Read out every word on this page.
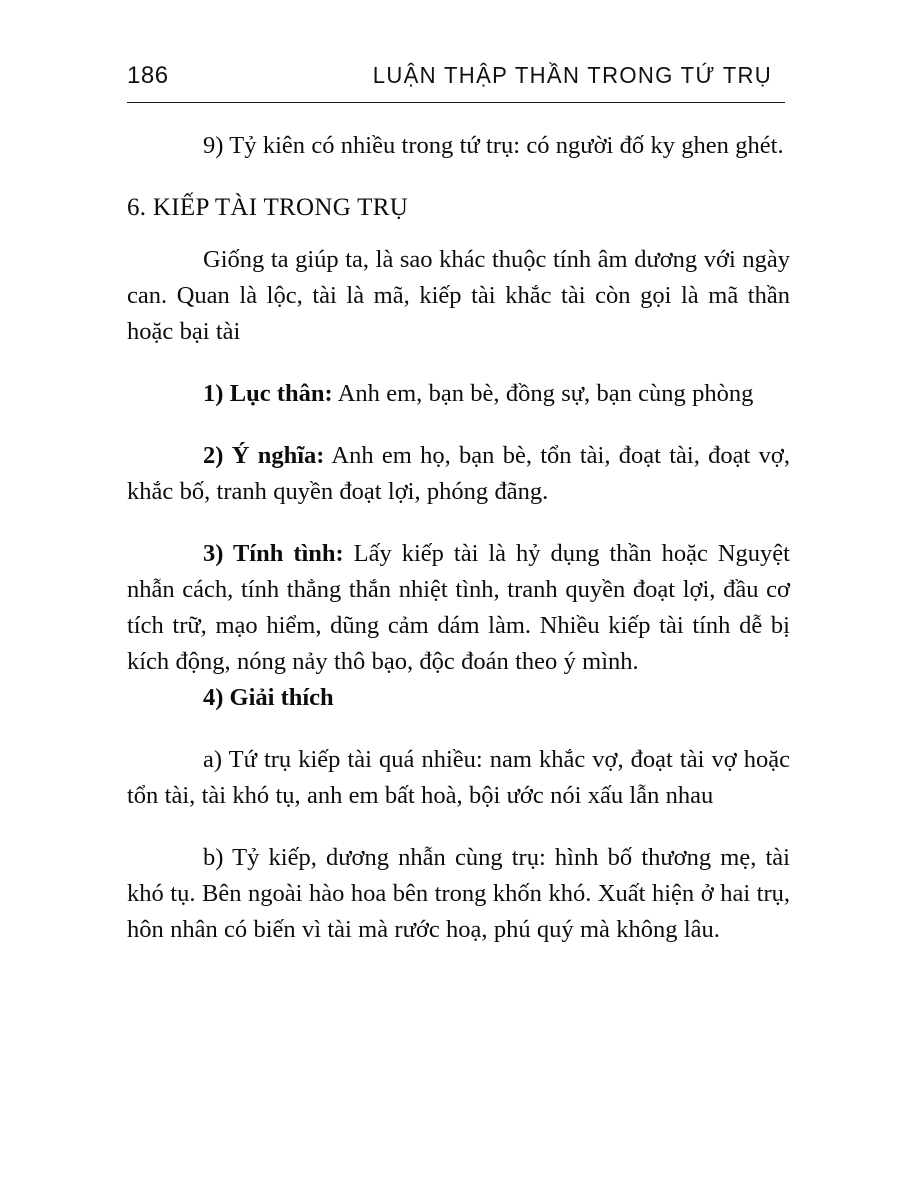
186	LUẬN THẬP THẦN TRONG TỨ TRỤ

9) Tỷ kiên có nhiều trong tứ trụ: có người đố ky ghen ghét.

6. KIẾP TÀI TRONG TRỤ

Giống ta giúp ta, là sao khác thuộc tính âm dương với ngày can. Quan là lộc, tài là mã, kiếp tài khắc tài còn gọi là mã thần hoặc bại tài

1) Lục thân: Anh em, bạn bè, đồng sự, bạn cùng phòng

2) Ý nghĩa: Anh em họ, bạn bè, tổn tài, đoạt tài, đoạt vợ, khắc bố, tranh quyền đoạt lợi, phóng đãng.

3) Tính tình: Lấy kiếp tài là hỷ dụng thần hoặc Nguyệt nhẫn cách, tính thẳng thắn nhiệt tình, tranh quyền đoạt lợi, đầu cơ tích trữ, mạo hiểm, dũng cảm dám làm. Nhiều kiếp tài tính dễ bị kích động, nóng nảy thô bạo, độc đoán theo ý mình.

4) Giải thích

a) Tứ trụ kiếp tài quá nhiều: nam khắc vợ, đoạt tài vợ hoặc tổn tài, tài khó tụ, anh em bất hoà, bội ước nói xấu lẫn nhau

b) Tỷ kiếp, dương nhẫn cùng trụ: hình bố thương mẹ, tài khó tụ. Bên ngoài hào hoa bên trong khốn khó. Xuất hiện ở hai trụ, hôn nhân có biến vì tài mà rước hoạ, phú quý mà không lâu.
